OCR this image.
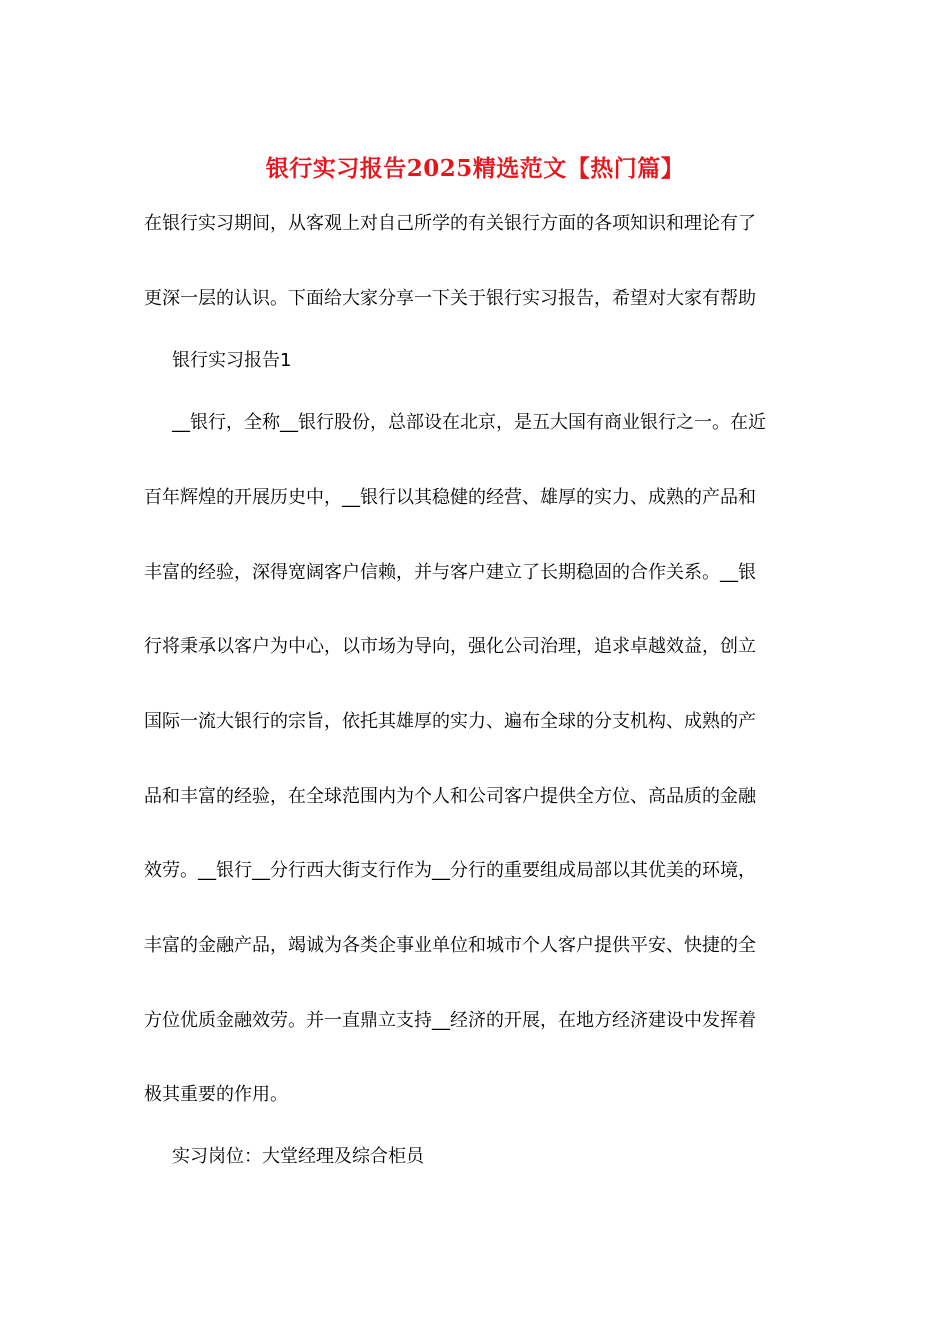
银行实习报告2025精选范文【热门篇】
在银行实习期间，从客观上对自己所学的有关银行方面的各项知识和理论有了
更深一层的认识。下面给大家分享一下关于银行实习报告，希望对大家有帮助
银行实习报告1
__银行，全称__银行股份，总部设在北京，是五大国有商业银行之一。在近
百年辉煌的开展历史中，__银行以其稳健的经营、雄厚的实力、成熟的产品和
丰富的经验，深得宽阔客户信赖，并与客户建立了长期稳固的合作关系。__银
行将秉承以客户为中心，以市场为导向，强化公司治理，追求卓越效益，创立
国际一流大银行的宗旨，依托其雄厚的实力、遍布全球的分支机构、成熟的产
品和丰富的经验，在全球范围内为个人和公司客户提供全方位、高品质的金融
效劳。__银行__分行西大街支行作为__分行的重要组成局部以其优美的环境，
丰富的金融产品，竭诚为各类企事业单位和城市个人客户提供平安、快捷的全
方位优质金融效劳。并一直鼎立支持__经济的开展，在地方经济建设中发挥着
极其重要的作用。
实习岗位：大堂经理及综合柜员
